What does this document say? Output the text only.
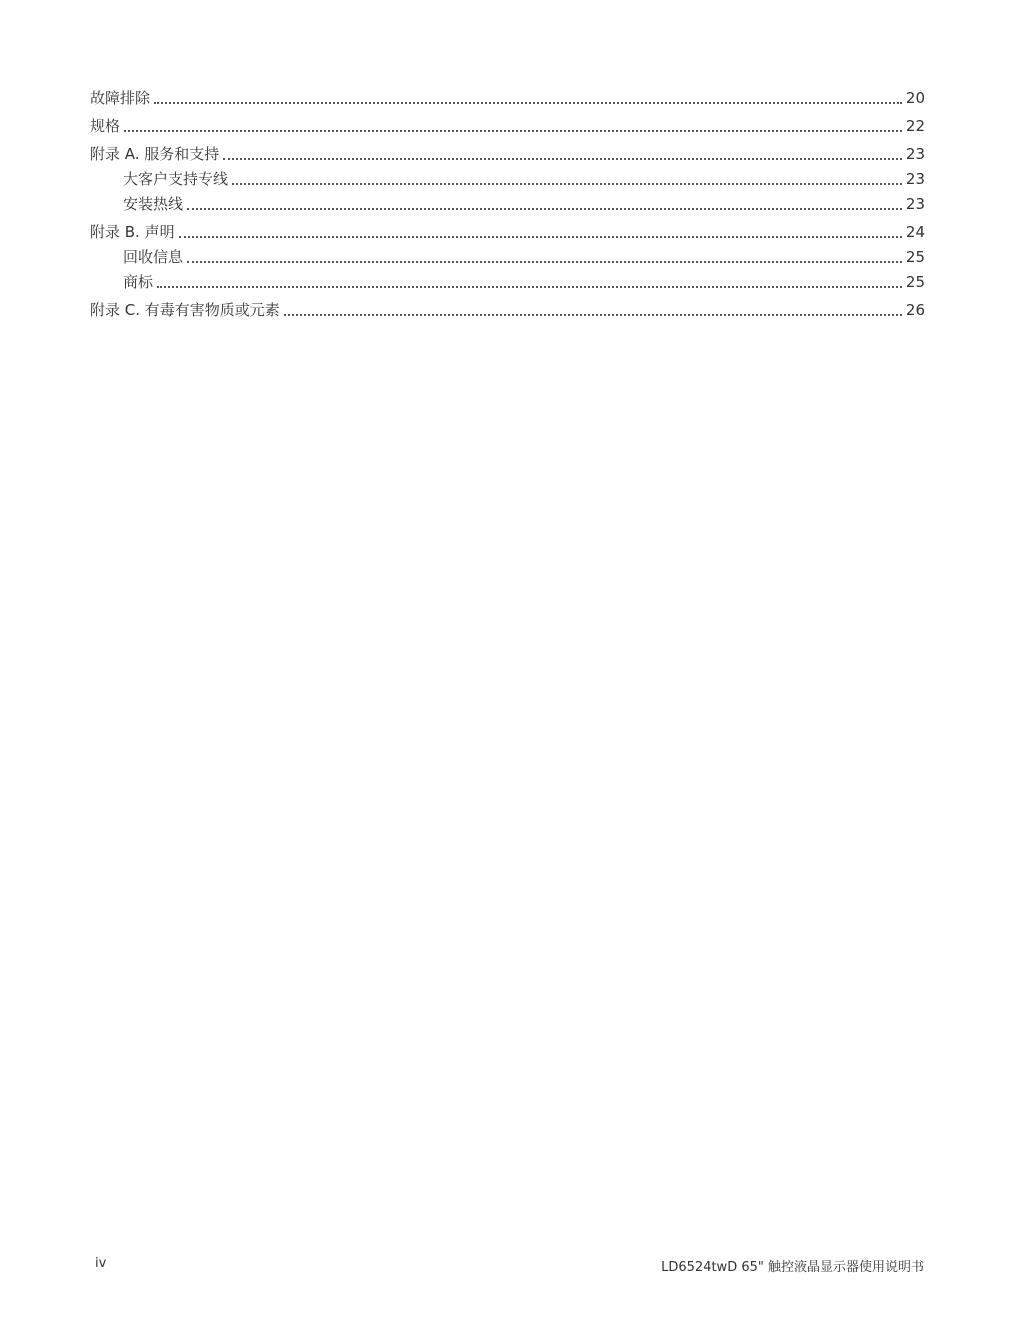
故障排除	20
规格	22
附录 A. 服务和支持	23
大客户支持专线	23
安装热线	23
附录 B. 声明	24
回收信息	25
商标	25
附录 C. 有毒有害物质或元素	26
iv	LD6524twD 65" 触控液晶显示器使用说明书
